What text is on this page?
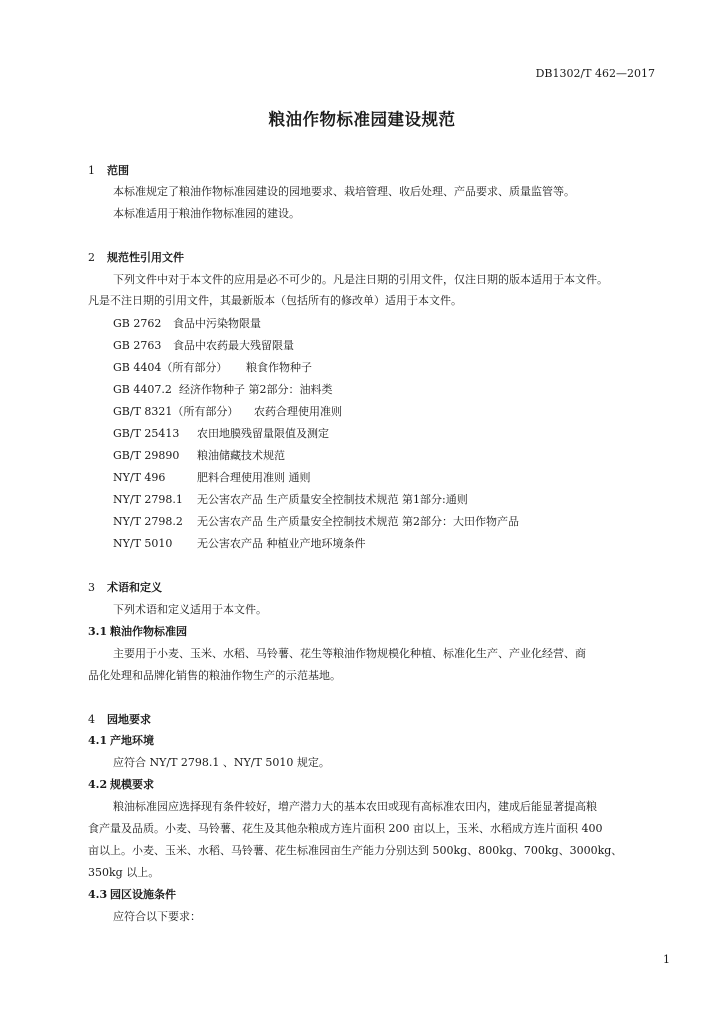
DB1302/T 462—2017
粮油作物标准园建设规范
1 范围
本标准规定了粮油作物标准园建设的园地要求、栽培管理、收后处理、产品要求、质量监管等。
本标准适用于粮油作物标准园的建设。
2 规范性引用文件
下列文件中对于本文件的应用是必不可少的。凡是注日期的引用文件，仅注日期的版本适用于本文件。
凡是不注日期的引用文件，其最新版本（包括所有的修改单）适用于本文件。
GB 2762 食品中污染物限量
GB 2763 食品中农药最大残留限量
GB 4404（所有部分） 粮食作物种子
GB 4407.2 经济作物种子 第2部分：油料类
GB/T 8321（所有部分） 农药合理使用准则
GB/T 25413 农田地膜残留量限值及测定
GB/T 29890 粮油储藏技术规范
NY/T 496	肥料合理使用准则 通则
NY/T 2798.1 无公害农产品 生产质量安全控制技术规范 第1部分:通则
NY/T 2798.2 无公害农产品 生产质量安全控制技术规范 第2部分：大田作物产品
NY/T 5010 无公害农产品 种植业产地环境条件
3 术语和定义
下列术语和定义适用于本文件。
3.1 粮油作物标准园
主要用于小麦、玉米、水稻、马铃薯、花生等粮油作物规模化种植、标准化生产、产业化经营、商
品化处理和品牌化销售的粮油作物生产的示范基地。
4 园地要求
4.1 产地环境
应符合 NY/T 2798.1 、NY/T 5010 规定。
4.2 规模要求
粮油标准园应选择现有条件较好，增产潜力大的基本农田或现有高标准农田内，建成后能显著提高粮
食产量及品质。小麦、马铃薯、花生及其他杂粮成方连片面积 200 亩以上，玉米、水稻成方连片面积 400
亩以上。小麦、玉米、水稻、马铃薯、花生标准园亩生产能力分别达到 500kg、800kg、700kg、3000kg、
350kg 以上。
4.3 园区设施条件
应符合以下要求：
1
